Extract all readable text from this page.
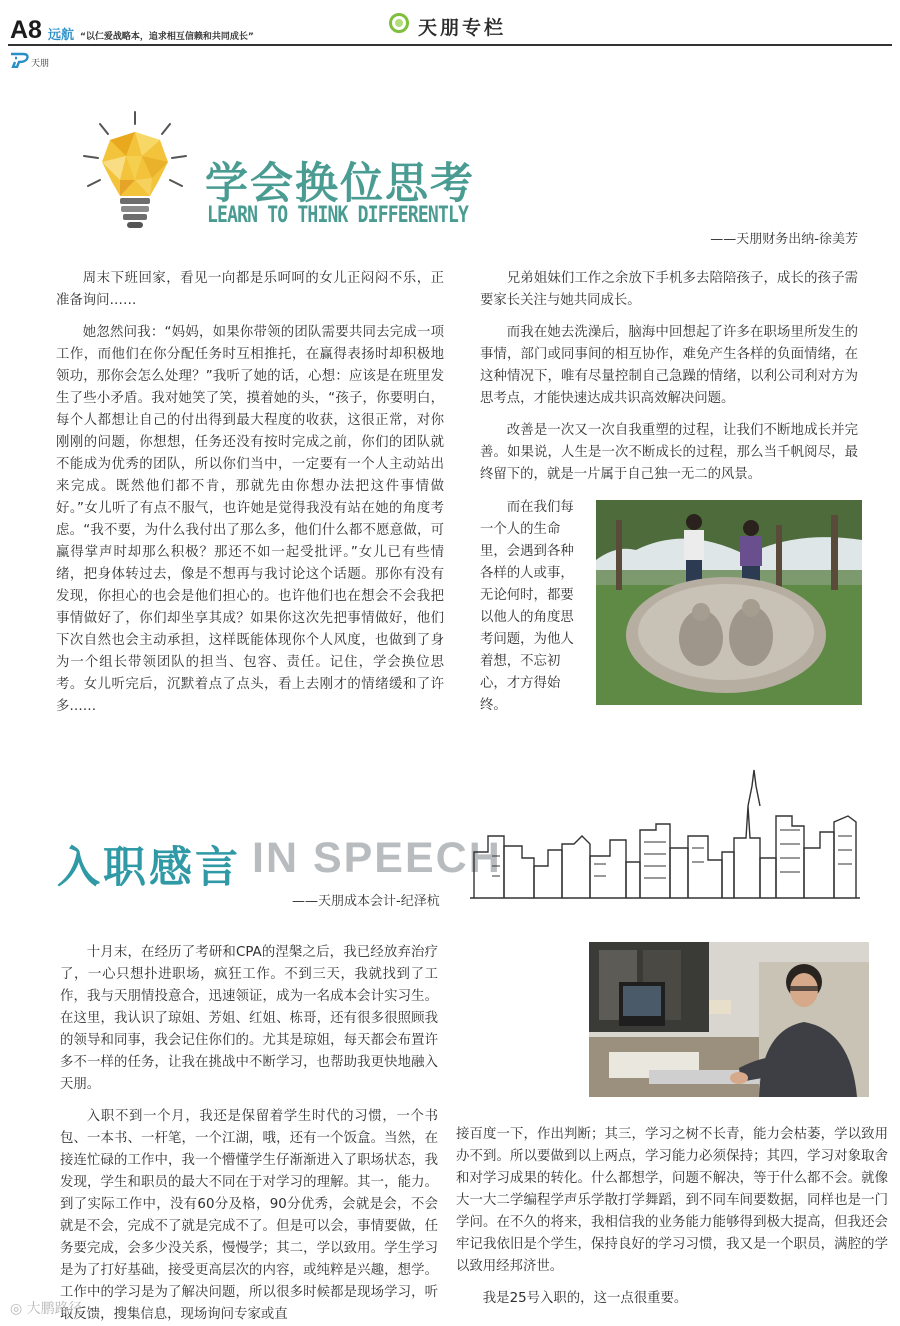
A8 远航 “以仁爱战略本，追求相互信赖和共同成长”	天朋专栏
天朋
学会换位思考
LEARN TO THINK DIFFERENTLY
——天朋财务出纳-徐美芳

周末下班回家，看见一向都是乐呵呵的女儿正闷闷不乐，正准备询问……

她忽然问我：“妈妈，如果你带领的团队需要共同去完成一项工作，而他们在你分配任务时互相推托，在赢得表扬时却积极地领功，那你会怎么处理？”我听了她的话，心想：应该是在班里发生了些小矛盾。我对她笑了笑，摸着她的头，“孩子，你要明白，每个人都想让自己的付出得到最大程度的收获，这很正常，对你刚刚的问题，你想想，任务还没有按时完成之前，你们的团队就不能成为优秀的团队，所以你们当中，一定要有一个人主动站出来完成。既然他们都不肯，那就先由你想办法把这件事情做好。”女儿听了有点不服气，也许她是觉得我没有站在她的角度考虑。“我不要，为什么我付出了那么多，他们什么都不愿意做，可赢得掌声时却那么积极？那还不如一起受批评。”女儿已有些情绪，把身体转过去，像是不想再与我讨论这个话题。那你有没有发现，你担心的也会是他们担心的。也许他们也在想会不会我把事情做好了，你们却坐享其成？如果你这次先把事情做好，他们下次自然也会主动承担，这样既能体现你个人风度，也做到了身为一个组长带领团队的担当、包容、责任。记住，学会换位思考。女儿听完后，沉默着点了点头，看上去刚才的情绪缓和了许多……

兄弟姐妹们工作之余放下手机多去陪陪孩子，成长的孩子需要家长关注与她共同成长。

而我在她去洗澡后，脑海中回想起了许多在职场里所发生的事情，部门或同事间的相互协作，难免产生各样的负面情绪，在这种情况下，唯有尽量控制自己急躁的情绪，以利公司利对方为思考点，才能快速达成共识高效解决问题。

改善是一次又一次自我重塑的过程，让我们不断地成长并完善。如果说，人生是一次不断成长的过程，那么当千帆阅尽，最终留下的，就是一片属于自己独一无二的风景。

而在我们每一个人的生命里，会遇到各种各样的人或事，无论何时，都要以他人的角度思考问题，为他人着想，不忘初心，才方得始终。
入职感言 IN SPEECH
——天朋成本会计-纪泽杭

十月末，在经历了考研和CPA的涅槃之后，我已经放弃治疗了，一心只想扑进职场，疯狂工作。不到三天，我就找到了工作，我与天朋情投意合，迅速领证，成为一名成本会计实习生。在这里，我认识了琼姐、芳姐、红姐、栋哥，还有很多很照顾我的领导和同事，我会记住你们的。尤其是琼姐，每天都会布置许多不一样的任务，让我在挑战中不断学习，也帮助我更快地融入天朋。

入职不到一个月，我还是保留着学生时代的习惯，一个书包、一本书、一杆笔，一个江湖，哦，还有一个饭盒。当然，在接连忙碌的工作中，我一个懵懂学生仔渐渐进入了职场状态，我发现，学生和职员的最大不同在于对学习的理解。其一，能力。到了实际工作中，没有60分及格，90分优秀，会就是会，不会就是不会，完成不了就是完成不了。但是可以会，事情要做，任务要完成，会多少没关系，慢慢学；其二，学以致用。学生学习是为了打好基础，接受更高层次的内容，或纯粹是兴趣，想学。工作中的学习是为了解决问题，所以很多时候都是现场学习，听取反馈，搜集信息，现场询问专家或直

接百度一下，作出判断；其三，学习之树不长青，能力会枯萎，学以致用办不到。所以要做到以上两点，学习能力必须保持；其四，学习对象取舍和对学习成果的转化。什么都想学，问题不解决，等于什么都不会。就像大一大二学编程学声乐学散打学舞蹈，到不同车间要数据，同样也是一门学问。在不久的将来，我相信我的业务能力能够得到极大提高，但我还会牢记我依旧是个学生，保持良好的学习习惯，我又是一个职员，满腔的学以致用经邦济世。

我是25号入职的，这一点很重要。

◎ 大鹏路径
